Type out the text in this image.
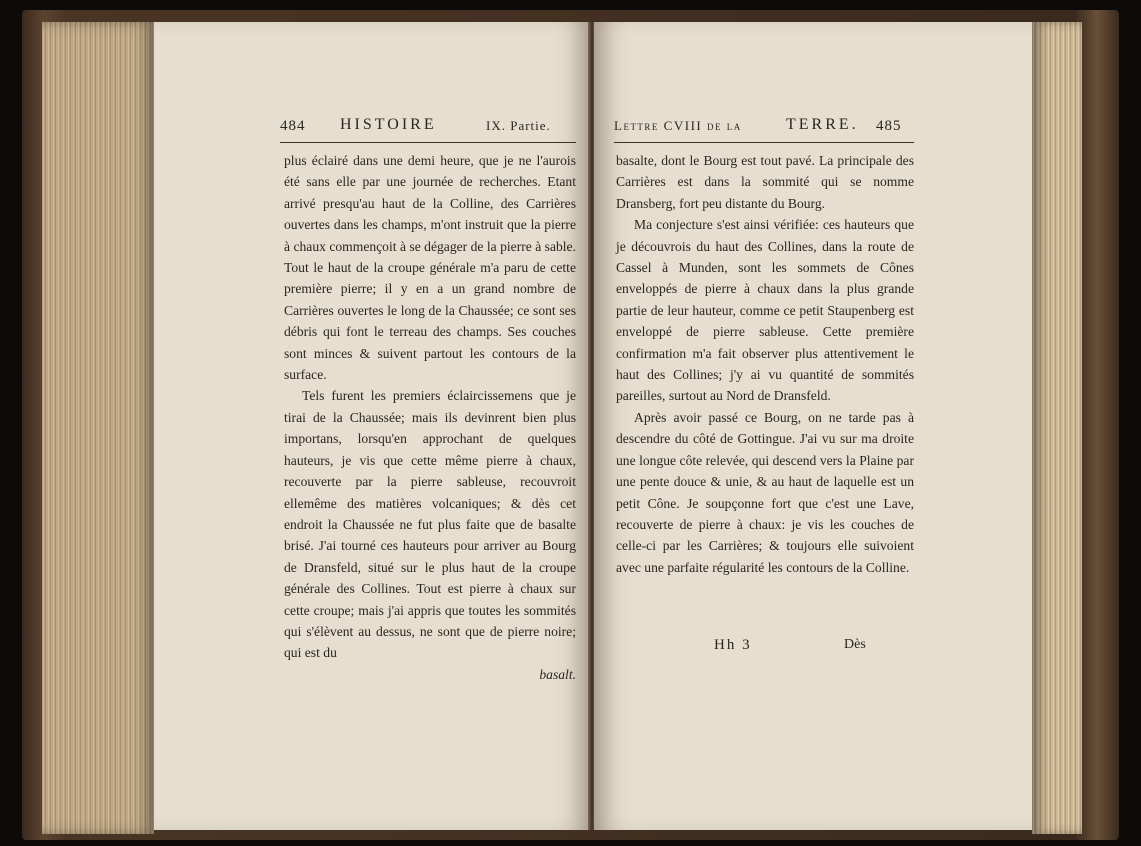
484 HISTOIRE	IX. Partie.

plus éclairé dans une demi heure, que je ne l'aurois été sans elle par une journée de recherches. Etant arrivé presqu'au haut de la Colline, des Carrières ouvertes dans les champs, m'ont instruit que la pierre à chaux commençoit à se dégager de la pierre à sable. Tout le haut de la croupe générale m'a paru de cette première pierre; il y en a un grand nombre de Carrières ouvertes le long de la Chaussée; ce sont ses débris qui font le terreau des champs. Ses couches sont minces & suivent partout les contours de la surface.

Tels furent les premiers éclaircissemens que je tirai de la Chaussée; mais ils devinrent bien plus importans, lorsqu'en approchant de quelques hauteurs, je vis que cette même pierre à chaux, recouverte par la pierre sableuse, recouvroit ellemême des matières volcaniques; & dès cet endroit la Chaussée ne fut plus faite que de basalte brisé. J'ai tourné ces hauteurs pour arriver au Bourg de Dransfeld, situé sur le plus haut de la croupe générale des Collines. Tout est pierre à chaux sur cette croupe; mais j'ai appris que toutes les sommités qui s'élèvent au dessus, ne sont que de pierre noire; qui est du

basalt.
Lettre CVIII de la	TERRE. 485

basalte, dont le Bourg est tout pavé. La principale des Carrières est dans la sommité qui se nomme Dransberg, fort peu distante du Bourg.

Ma conjecture s'est ainsi vérifiée: ces hauteurs que je découvrois du haut des Collines, dans la route de Cassel à Munden, sont les sommets de Cônes enveloppés de pierre à chaux dans la plus grande partie de leur hauteur, comme ce petit Staupenberg est enveloppé de pierre sableuse. Cette première confirmation m'a fait observer plus attentivement le haut des Collines; j'y ai vu quantité de sommités pareilles, surtout au Nord de Dransfeld.

Après avoir passé ce Bourg, on ne tarde pas à descendre du côté de Gottingue. J'ai vu sur ma droite une longue côte relevée, qui descend vers la Plaine par une pente douce & unie, & au haut de laquelle est un petit Cône. Je soupçonne fort que c'est une Lave, recouverte de pierre à chaux: je vis les couches de celle-ci par les Carrières; & toujours elle suivoient avec une parfaite régularité les contours de la Colline.

Hh 3	Dès
